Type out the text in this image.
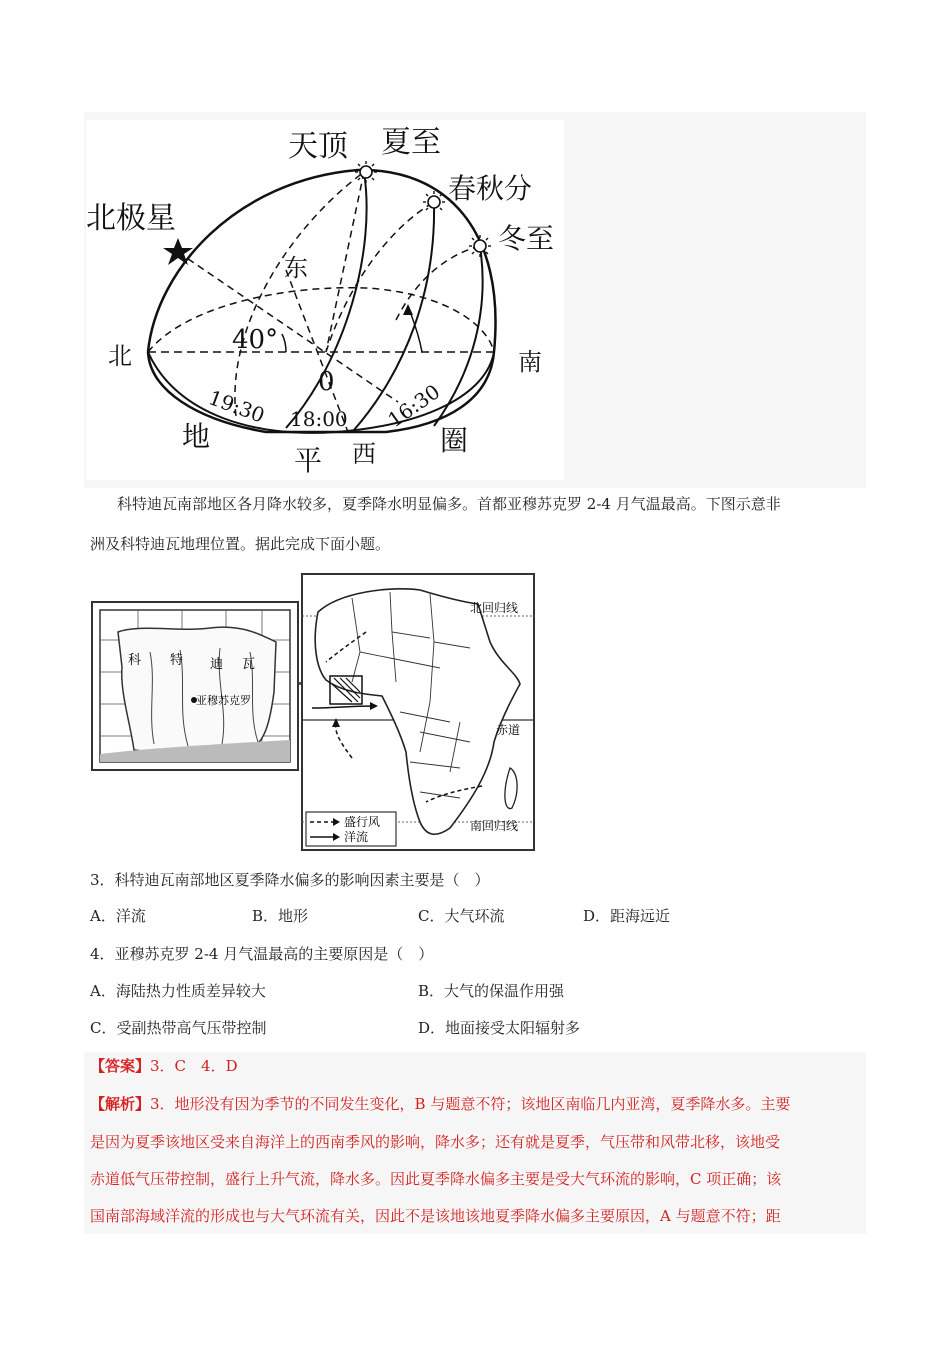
天顶 夏至
春秋分
冬至
北极星
东
北	南
40°
0
19:30 18:00 16:30
地
平 西 圈
科特迪瓦南部地区各月降水较多，夏季降水明显偏多。首都亚穆苏克罗 2-4 月气温最高。下图示意非
洲及科特迪瓦地理位置。据此完成下面小题。
科 特 迪 瓦
亚穆苏克罗
北回归线
赤道
南回归线
盛行风
洋流
3．科特迪瓦南部地区夏季降水偏多的影响因素主要是（　）
A．洋流	B．地形	C．大气环流	D．距海远近
4．亚穆苏克罗 2-4 月气温最高的主要原因是（　）
A．海陆热力性质差异较大	B．大气的保温作用强
C．受副热带高气压带控制	D．地面接受太阳辐射多
【答案】3．C　4．D
【解析】3．地形没有因为季节的不同发生变化，B 与题意不符；该地区南临几内亚湾，夏季降水多。主要
是因为夏季该地区受来自海洋上的西南季风的影响，降水多；还有就是夏季，气压带和风带北移，该地受
赤道低气压带控制，盛行上升气流，降水多。因此夏季降水偏多主要是受大气环流的影响，C 项正确；该
国南部海域洋流的形成也与大气环流有关，因此不是该地该地夏季降水偏多主要原因，A 与题意不符；距
